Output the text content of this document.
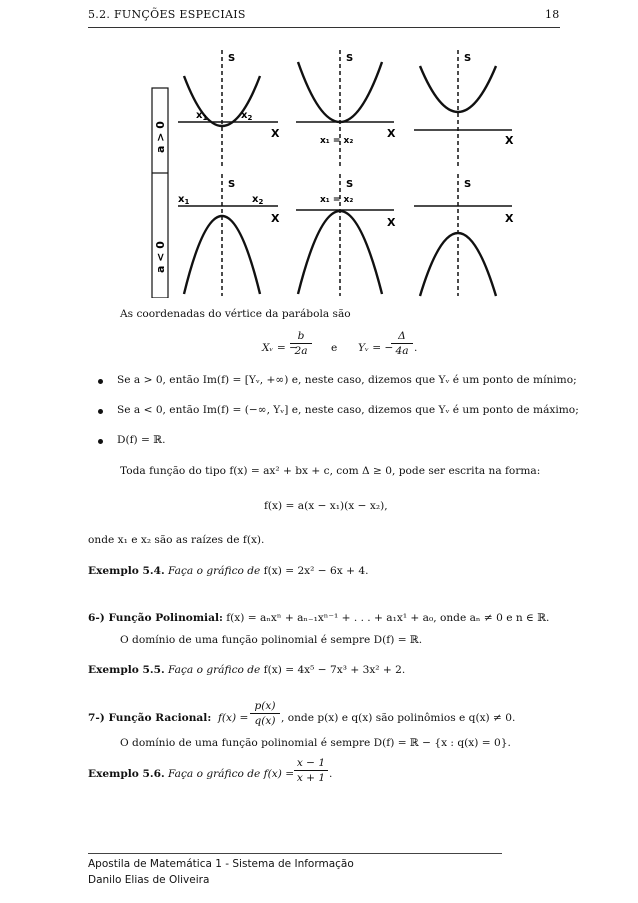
5.2. FUNÇÕES ESPECIAIS	18
a > 0
a < 0
S
X
$x_1$	$x_2$
S
X
x₁ = x₂
S
X
S
X
$x_1$	$x_2$
S
X
x₁ = x₂
S
X
As coordenadas do vértice da parábola são
Xᵥ = −
$\frac{b}{2a}$ e Yᵥ = −
$\frac{\Delta}{4a}$ .
Se a > 0, então Im(f) = [Yᵥ, +∞) e, neste caso, dizemos que Yᵥ é um ponto de mínimo;
Se a < 0, então Im(f) = (−∞, Yᵥ] e, neste caso, dizemos que Yᵥ é um ponto de máximo;
D(f) = ℝ.
Toda função do tipo f(x) = ax² + bx + c, com Δ ≥ 0, pode ser escrita na forma:
f(x) = a(x − x₁)(x − x₂),
onde x₁ e x₂ são as raízes de f(x).
Exemplo 5.4. Faça o gráfico de f(x) = 2x² − 6x + 4.
6-) Função Polinomial: f(x) = aₙxⁿ + aₙ₋₁xⁿ⁻¹ + . . . + a₁x¹ + a₀, onde aₙ ≠ 0 e n ∈ ℝ.
O domínio de uma função polinomial é sempre D(f) = ℝ.
Exemplo 5.5. Faça o gráfico de f(x) = 4x⁵ − 7x³ + 3x² + 2.
7-) Função Racional: $f(x) = \frac{p(x)}{q(x)}$ , onde p(x) e q(x) são polinômios e q(x) ≠ 0.
O domínio de uma função polinomial é sempre D(f) = ℝ − {x : q(x) = 0}.
Exemplo 5.6. Faça o gráfico de $f(x) = \frac{x - 1}{x + 1}$ .
Apostila de Matemática 1 - Sistema de Informação
Danilo Elias de Oliveira
